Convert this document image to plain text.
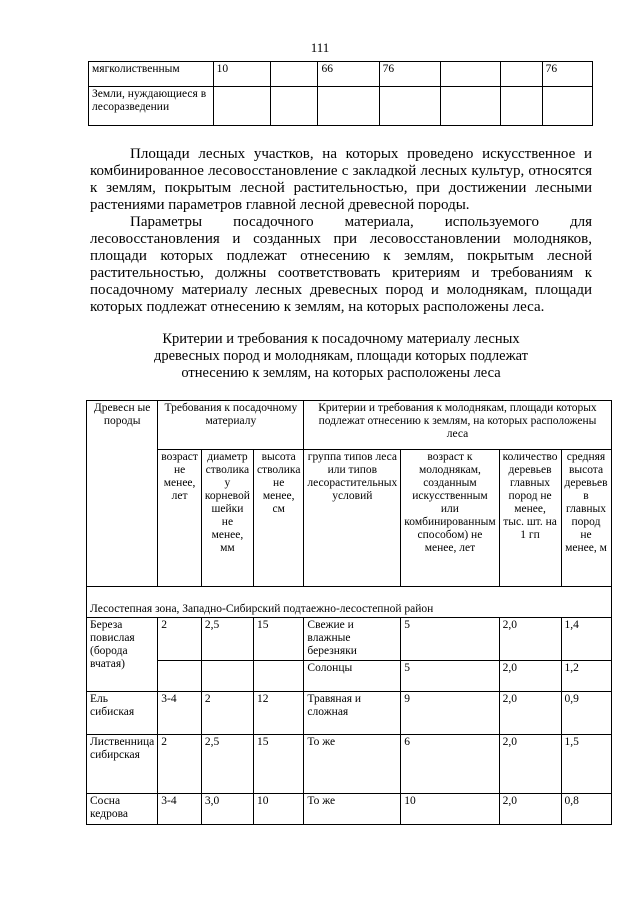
111
мягколиственным	10		66	76			76
Земли, нуждающиеся в лесоразведении							

Площади лесных участков, на которых проведено искусственное и комбинированное лесовосстановление с закладкой лесных культур, относятся к землям, покрытым лесной растительностью, при достижении лесными растениями параметров главной лесной древесной породы.

Параметры посадочного материала, используемого для лесовосстановления и созданных при лесовосстановлении молодняков, площади которых подлежат отнесению к землям, покрытым лесной растительностью, должны соответствовать критериям и требованиям к посадочному материалу лесных древесных пород и молоднякам, площади которых подлежат отнесению к землям, на которых расположены леса.

Критерии и требования к посадочному материалу лесных
древесных пород и молоднякам, площади которых подлежат
отнесению к землям, на которых расположены леса
Древесн ые породы	Требования к посадочному материалу			Критерии и требования к молоднякам, площади которых подлежат отнесению к землям, на которых расположены леса			
	возраст не менее, лет	диаметр стволика у корневой шейки не менее, мм	высота стволика не менее, см	группа типов леса или типов лесорастительных условий	возраст к молоднякам, созданным искусственным или комбинированным способом) не менее, лет	количество деревьев главных пород не менее, тыс. шт. на 1 гп	средняя высота деревьев в главных пород не менее, м
Лесостепная зона, Западно-Сибирский подтаежно-лесостепной район							
Береза повислая (борода вчатая)	2	2,5	15	Свежие и влажные березняки	5	2,0	1,4
				Солонцы	5	2,0	1,2
Ель сибиская	3-4	2	12	Травяная и сложная	9	2,0	0,9
Лиственница сибирская	2	2,5	15	То же	6	2,0	1,5
Сосна кедрова	3-4	3,0	10	То же	10	2,0	0,8
